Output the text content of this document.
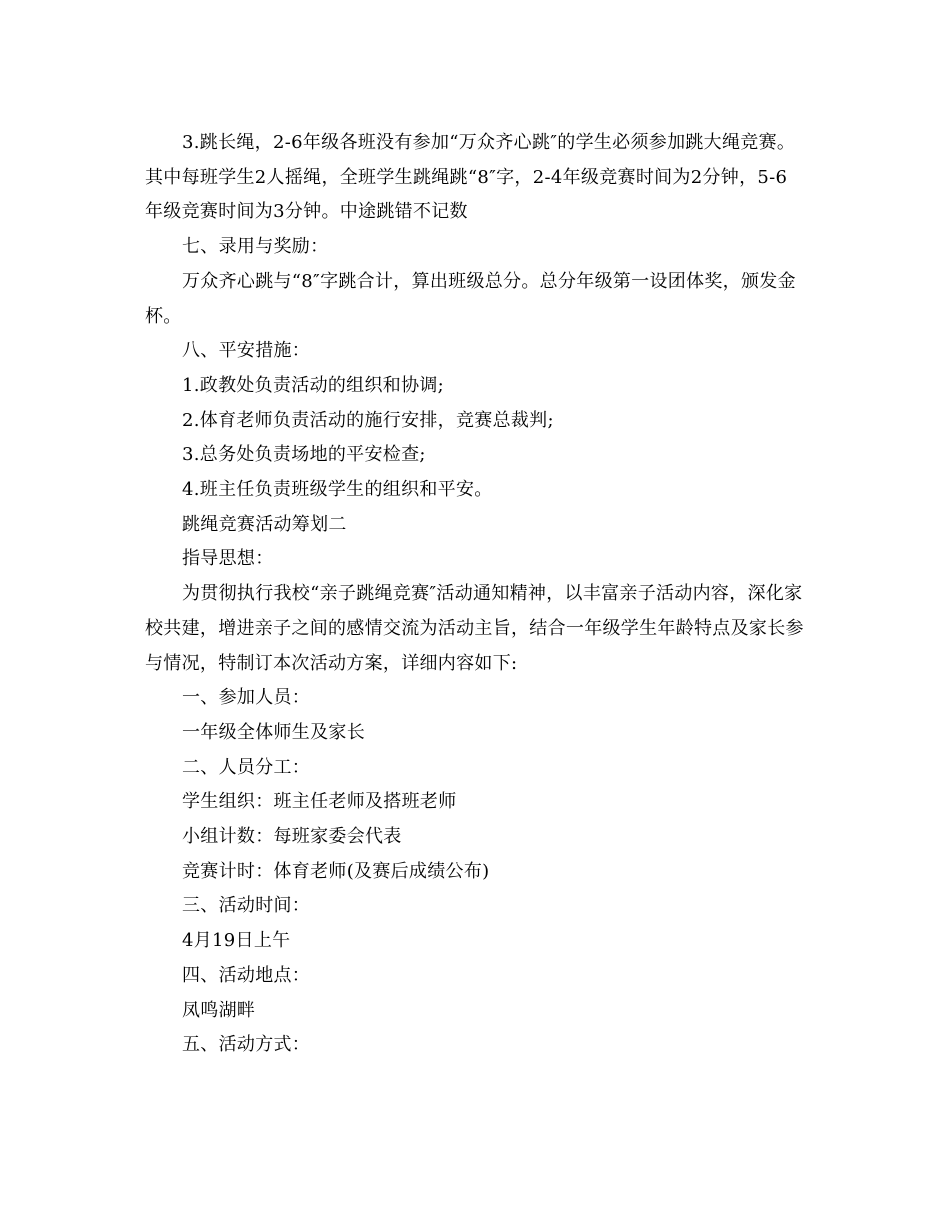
3.跳长绳，2-6年级各班没有参加“万众齐心跳″的学生必须参加跳大绳竞赛。其中每班学生2人摇绳，全班学生跳绳跳“8″字，2-4年级竞赛时间为2分钟，5-6年级竞赛时间为3分钟。中途跳错不记数

七、录用与奖励：

万众齐心跳与“8″字跳合计，算出班级总分。总分年级第一设团体奖，颁发金杯。

八、平安措施：

1.政教处负责活动的组织和协调;

2.体育老师负责活动的施行安排，竞赛总裁判;

3.总务处负责场地的平安检查;

4.班主任负责班级学生的组织和平安。

跳绳竞赛活动筹划二

指导思想：

为贯彻执行我校“亲子跳绳竞赛″活动通知精神，以丰富亲子活动内容，深化家校共建，增进亲子之间的感情交流为活动主旨，结合一年级学生年龄特点及家长参与情况，特制订本次活动方案，详细内容如下:

一、参加人员：

一年级全体师生及家长

二、人员分工：

学生组织：班主任老师及搭班老师

小组计数：每班家委会代表

竞赛计时：体育老师(及赛后成绩公布)

三、活动时间：

4月19日上午

四、活动地点：

凤鸣湖畔

五、活动方式：
